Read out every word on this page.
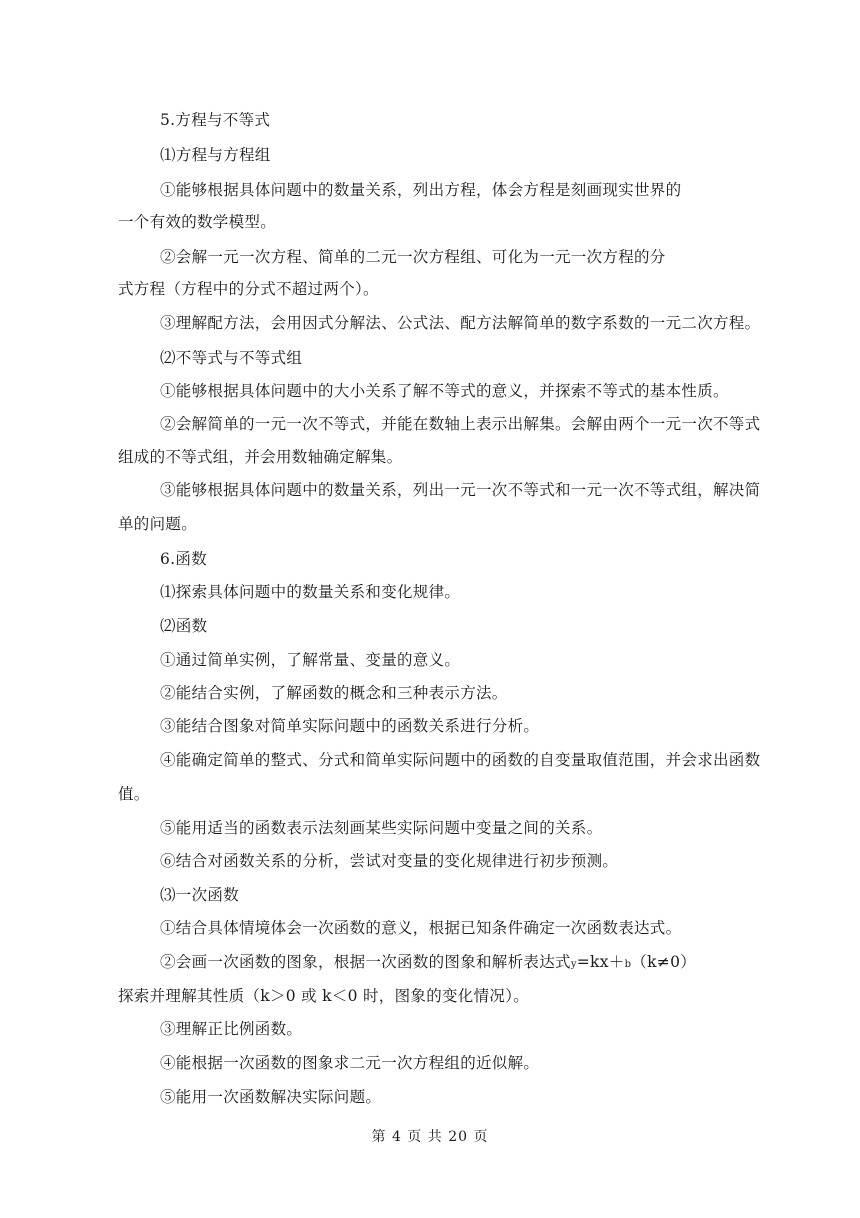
5.方程与不等式
⑴方程与方程组
①能够根据具体问题中的数量关系，列出方程，体会方程是刻画现实世界的
一个有效的数学模型。
②会解一元一次方程、简单的二元一次方程组、可化为一元一次方程的分
式方程（方程中的分式不超过两个）。
③理解配方法，会用因式分解法、公式法、配方法解简单的数字系数的一元二次方程。
⑵不等式与不等式组
①能够根据具体问题中的大小关系了解不等式的意义，并探索不等式的基本性质。
②会解简单的一元一次不等式，并能在数轴上表示出解集。会解由两个一元一次不等式
组成的不等式组，并会用数轴确定解集。
③能够根据具体问题中的数量关系，列出一元一次不等式和一元一次不等式组，解决简
单的问题。
6.函数
⑴探索具体问题中的数量关系和变化规律。
⑵函数
①通过简单实例，了解常量、变量的意义。
②能结合实例，了解函数的概念和三种表示方法。
③能结合图象对简单实际问题中的函数关系进行分析。
④能确定简单的整式、分式和简单实际问题中的函数的自变量取值范围，并会求出函数
值。
⑤能用适当的函数表示法刻画某些实际问题中变量之间的关系。
⑥结合对函数关系的分析，尝试对变量的变化规律进行初步预测。
⑶一次函数
①结合具体情境体会一次函数的意义，根据已知条件确定一次函数表达式。
②会画一次函数的图象，根据一次函数的图象和解析表达式y=kx＋b（k≠0）
探索并理解其性质（k＞0 或 k＜0 时，图象的变化情况）。
③理解正比例函数。
④能根据一次函数的图象求二元一次方程组的近似解。
⑤能用一次函数解决实际问题。
第 4 页 共 20 页
